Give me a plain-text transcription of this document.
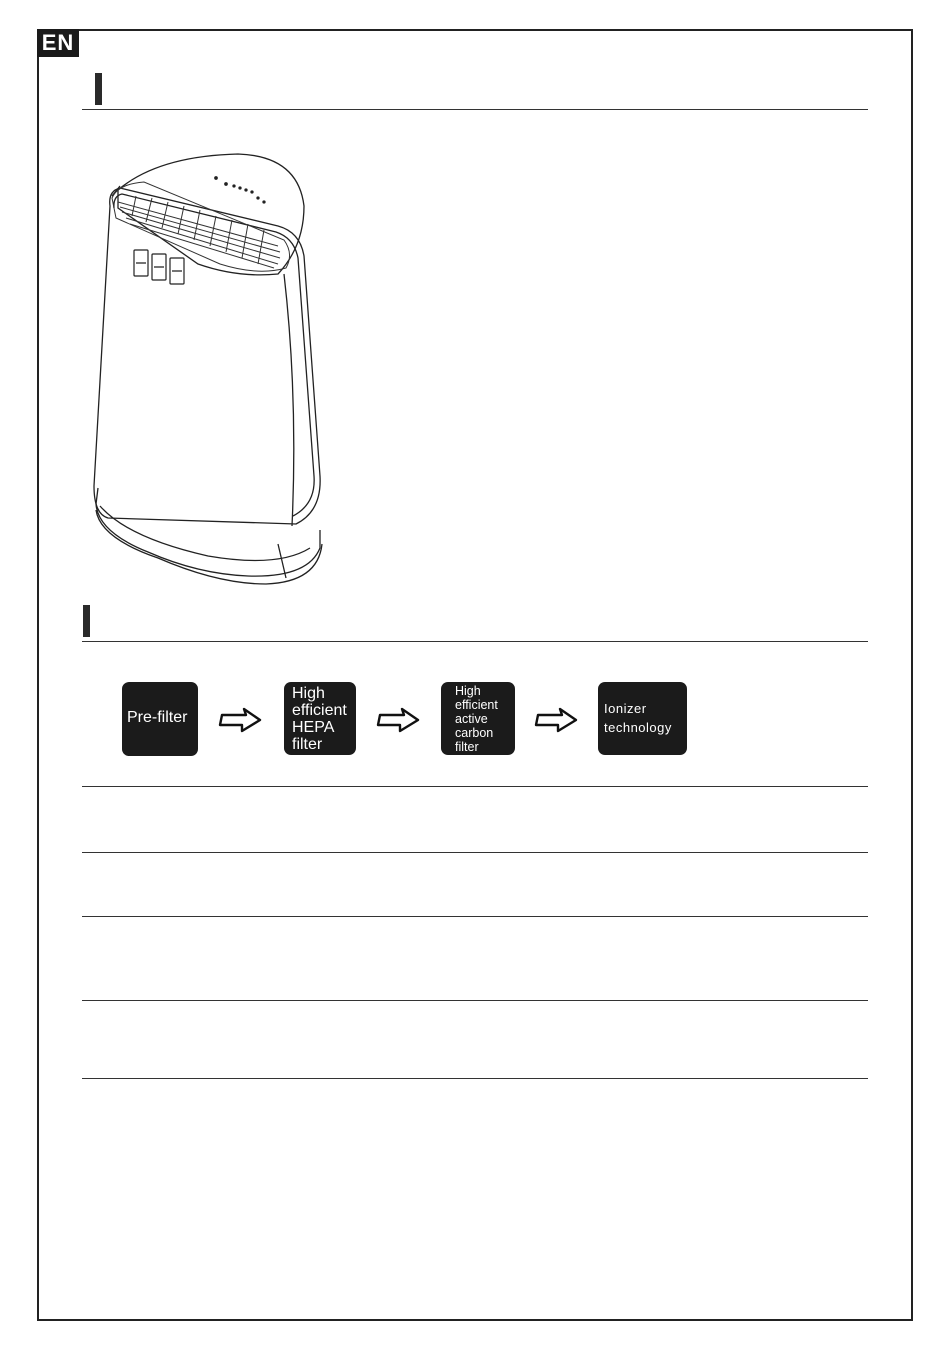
EN
Pre-filter
High
efficient
HEPA
filter
High
efficient
active
carbon
filter
Ionizer
technology
